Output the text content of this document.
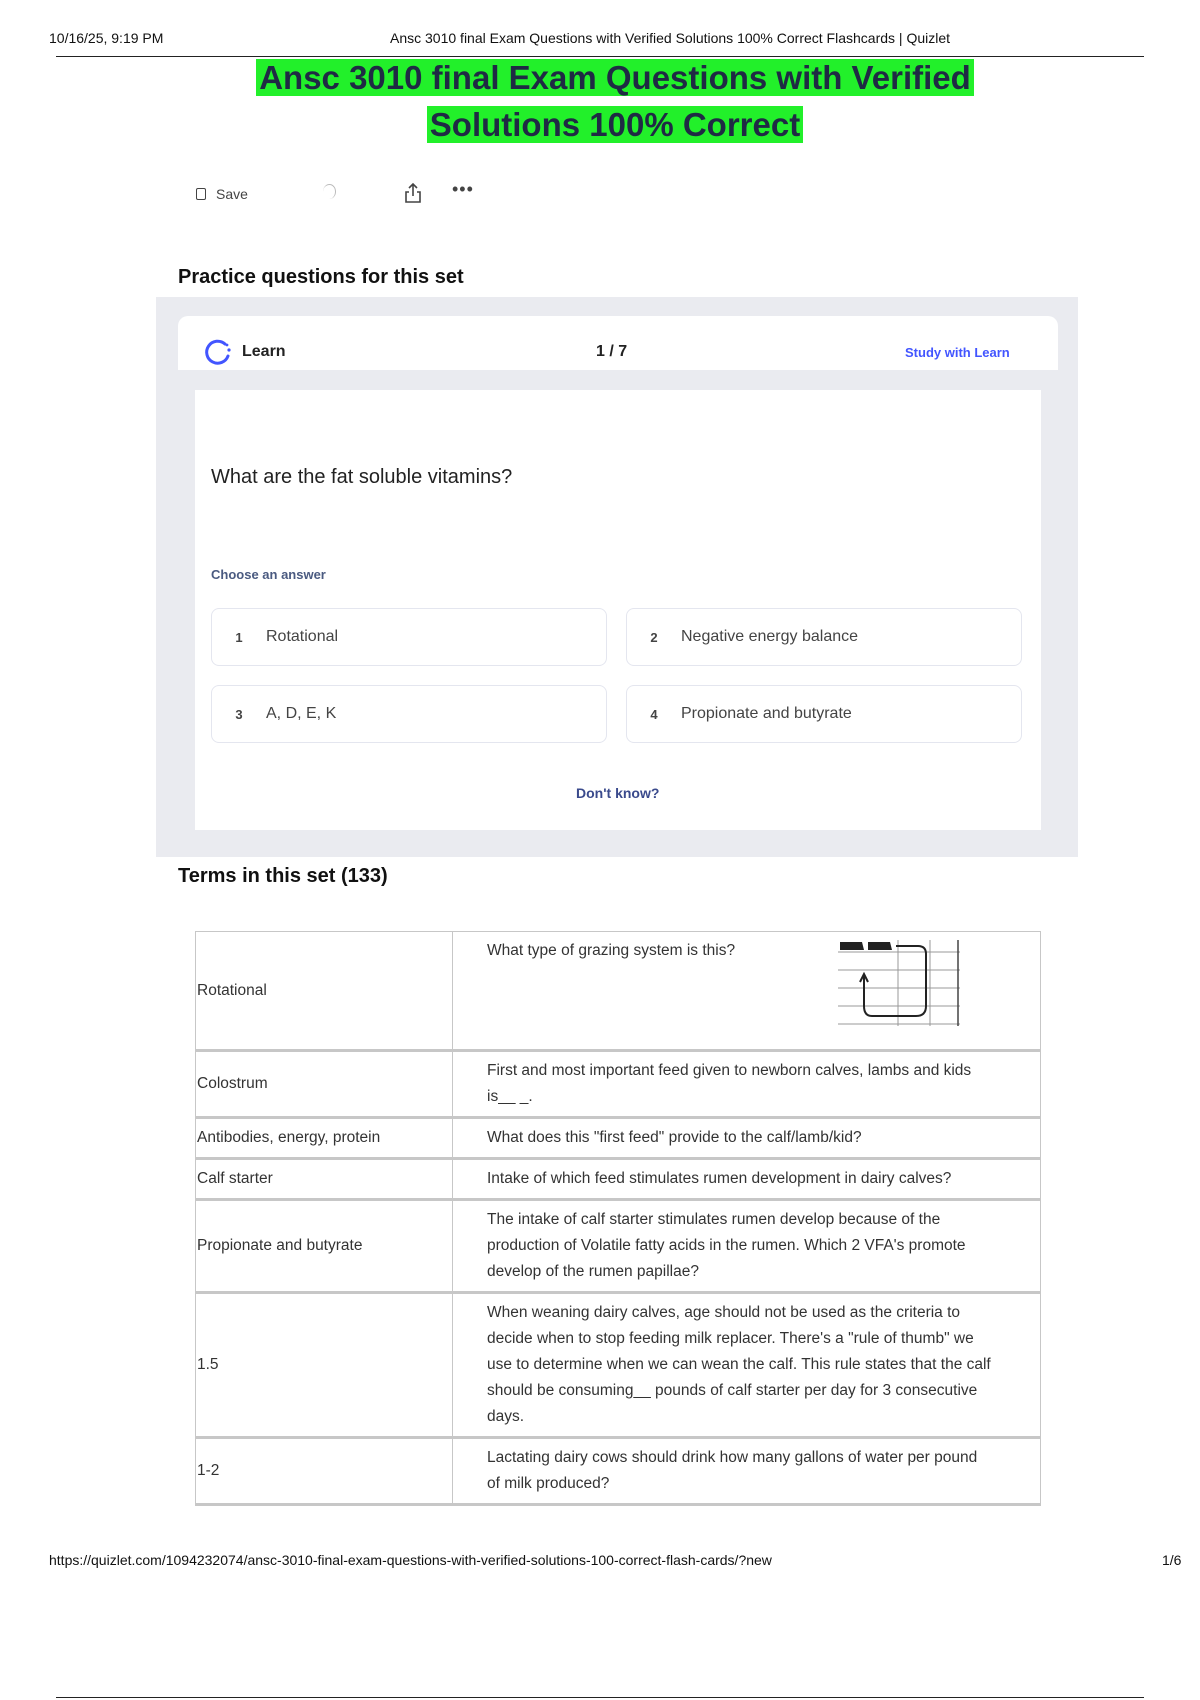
10/16/25, 9:19 PM	Ansc 3010 final Exam Questions with Verified Solutions 100% Correct Flashcards | Quizlet
Ansc 3010 final Exam Questions with Verified Solutions 100% Correct
Save	•••
Practice questions for this set
Learn	1 / 7	Study with Learn
What are the fat soluble vitamins?
Choose an answer
1	Rotational	2	Negative energy balance
3	A, D, E, K	4	Propionate and butyrate
Don't know?
Terms in this set (133)
Rotational	What type of grazing system is this?

Colostrum	First and most important feed given to newborn calves, lambs and kids is__ _.
Antibodies, energy, protein	What does this "first feed" provide to the calf/lamb/kid?
Calf starter	Intake of which feed stimulates rumen development in dairy calves?
Propionate and butyrate	The intake of calf starter stimulates rumen develop because of the production of Volatile fatty acids in the rumen. Which 2 VFA's promote develop of the rumen papillae?
1.5	When weaning dairy calves, age should not be used as the criteria to decide when to stop feeding milk replacer. There's a "rule of thumb" we use to determine when we can wean the calf. This rule states that the calf should be consuming__ pounds of calf starter per day for 3 consecutive days.
1-2	Lactating dairy cows should drink how many gallons of water per pound of milk produced?
https://quizlet.com/1094232074/ansc-3010-final-exam-questions-with-verified-solutions-100-correct-flash-cards/?new	1/6
